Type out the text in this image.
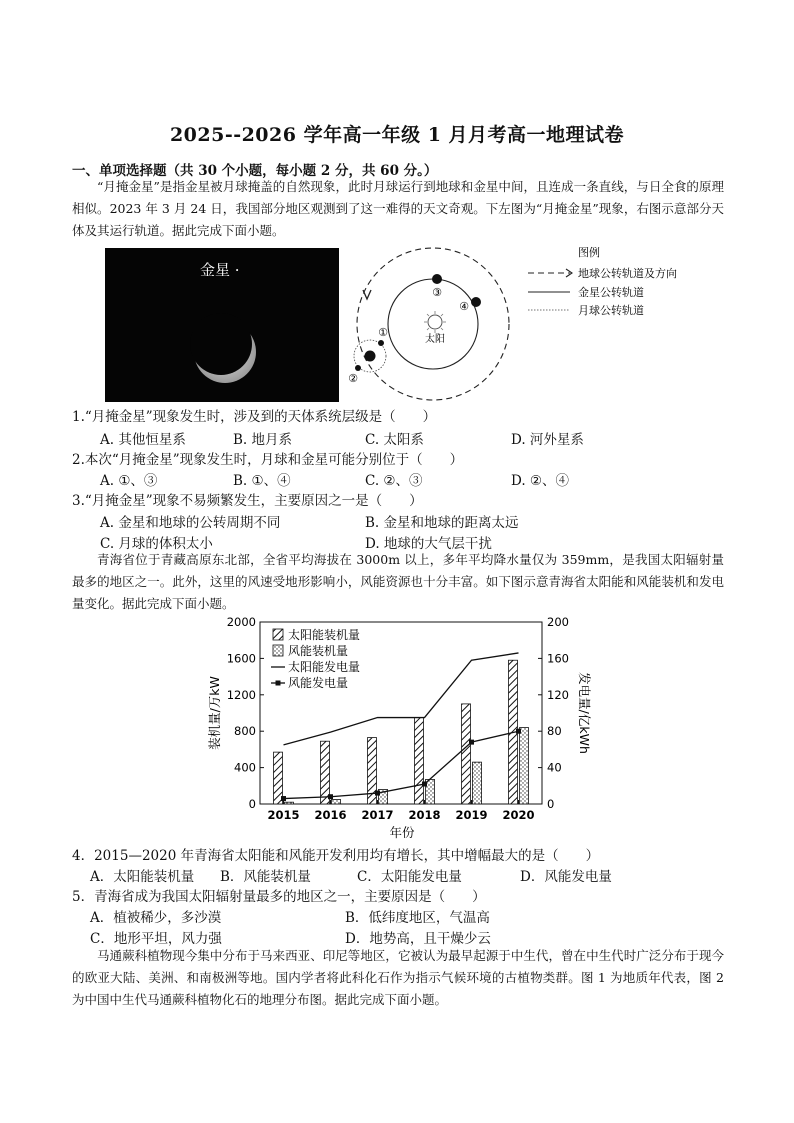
2025--2026 学年高一年级 1 月月考高一地理试卷
一、单项选择题（共 30 个小题，每小题 2 分，共 60 分。）
“月掩金星”是指金星被月球掩盖的自然现象，此时月球运行到地球和金星中间，且连成一条直线，与日全食的原理相似。2023 年 3 月 24 日，我国部分地区观测到了这一难得的天文奇观。下左图为“月掩金星”现象，右图示意部分天体及其运行轨道。据此完成下面小题。
金星 ·
太阳
③
④
①
②
图例
地球公转轨道及方向
金星公转轨道
月球公转轨道
1.“月掩金星”现象发生时，涉及到的天体系统层级是（　　）
A. 其他恒星系	B. 地月系	C. 太阳系	D. 河外星系
2.本次“月掩金星”现象发生时，月球和金星可能分别位于（　　）
A. ①、③	B. ①、④	C. ②、③	D. ②、④
3.“月掩金星”现象不易频繁发生，主要原因之一是（　　）
A. 金星和地球的公转周期不同	B. 金星和地球的距离太远
C. 月球的体积太小	D. 地球的大气层干扰
青海省位于青藏高原东北部，全省平均海拔在 3000m 以上，多年平均降水量仅为 359mm，是我国太阳辐射量最多的地区之一。此外，这里的风速受地形影响小，风能资源也十分丰富。如下图示意青海省太阳能和风能装机和发电量变化。据此完成下面小题。
0
400
800
1200
1600
2000
0
40
80
120
160
200
2015 2016 2017 2018 2019 2020
太阳能装机量
风能装机量
太阳能发电量
风能发电量
年份
装机量/万kW	发电量/亿kWh
4．2015—2020 年青海省太阳能和风能开发利用均有增长，其中增幅最大的是（　　）
A．太阳能装机量 B．风能装机量	C．太阳能发电量	D．风能发电量
5．青海省成为我国太阳辐射量最多的地区之一，主要原因是（　　）
A．植被稀少，多沙漠	B．低纬度地区，气温高
C．地形平坦，风力强	D．地势高，且干燥少云
马通蕨科植物现今集中分布于马来西亚、印尼等地区，它被认为最早起源于中生代，曾在中生代时广泛分布于现今的欧亚大陆、美洲、和南极洲等地。国内学者将此科化石作为指示气候环境的古植物类群。图 1 为地质年代表，图 2 为中国中生代马通蕨科植物化石的地理分布图。据此完成下面小题。
